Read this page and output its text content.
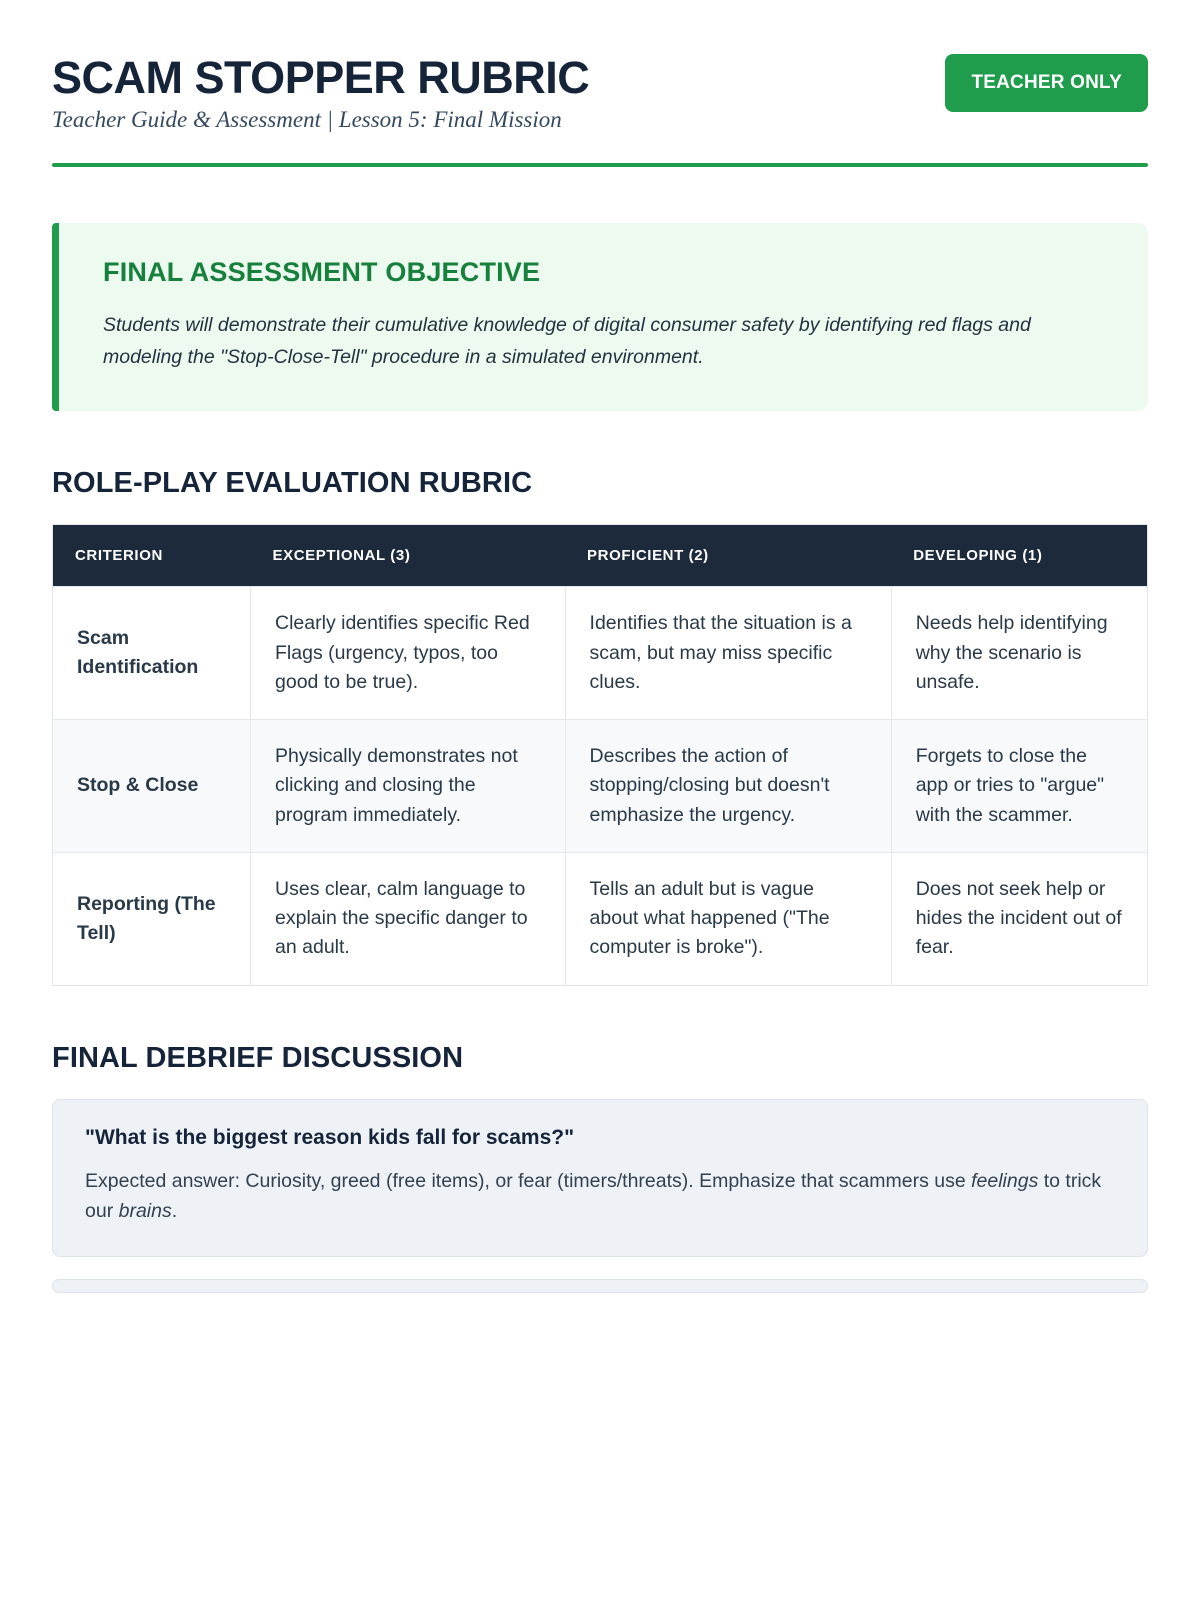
SCAM STOPPER RUBRIC

Teacher Guide & Assessment | Lesson 5: Final Mission

TEACHER ONLY
FINAL ASSESSMENT OBJECTIVE

Students will demonstrate their cumulative knowledge of digital consumer safety by identifying red flags and modeling the "Stop-Close-Tell" procedure in a simulated environment.

ROLE-PLAY EVALUATION RUBRIC
CRITERION	EXCEPTIONAL (3)	PROFICIENT (2)	DEVELOPING (1)
Scam Identification	Clearly identifies specific Red Flags (urgency, typos, too good to be true).	Identifies that the situation is a scam, but may miss specific clues.	Needs help identifying why the scenario is unsafe.
Stop & Close	Physically demonstrates not clicking and closing the program immediately.	Describes the action of stopping/closing but doesn't emphasize the urgency.	Forgets to close the app or tries to "argue" with the scammer.
Reporting (The Tell)	Uses clear, calm language to explain the specific danger to an adult.	Tells an adult but is vague about what happened ("The computer is broke").	Does not seek help or hides the incident out of fear.
FINAL DEBRIEF DISCUSSION

"What is the biggest reason kids fall for scams?"

Expected answer: Curiosity, greed (free items), or fear (timers/threats). Emphasize that scammers use feelings to trick our brains.
